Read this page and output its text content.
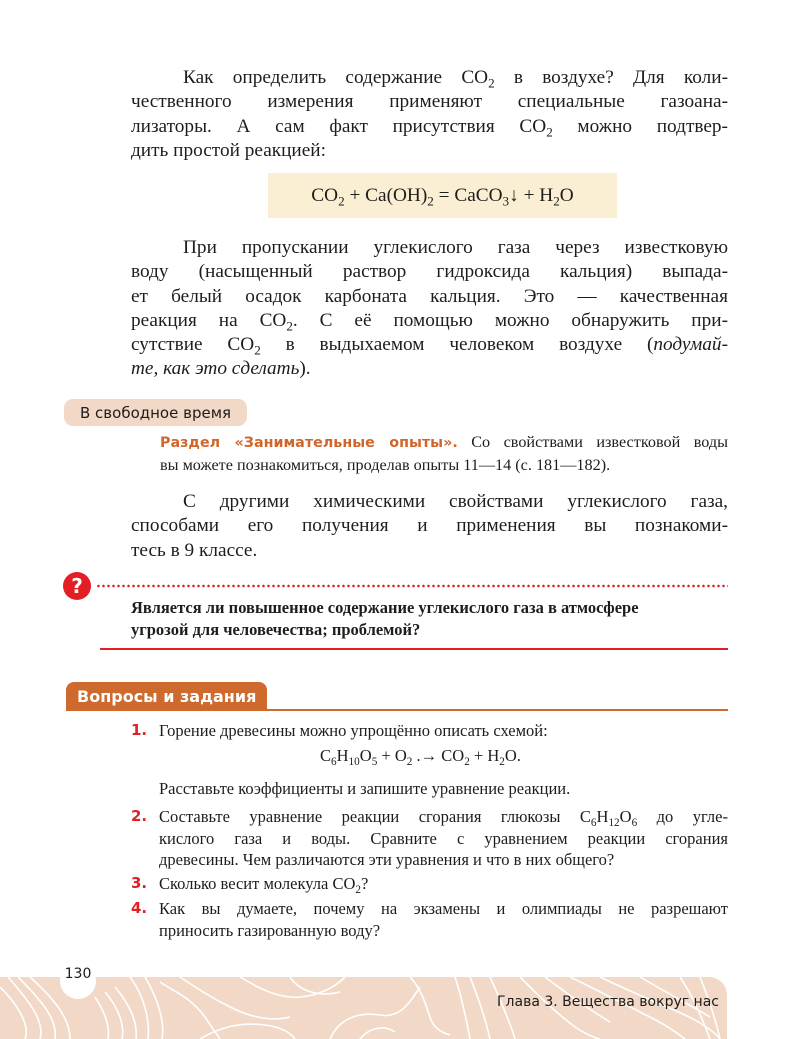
Как определить содержание $CO_2$ в воздухе? Для коли-
чественного измерения применяют специальные газоана-
лизаторы. А сам факт присутствия $CO_2$ можно подтвер-
дить простой реакцией:
$CO_2 + Ca(OH)_2$ = CaCO$_3$↓ + $H_2O$
При пропускании углекислого газа через известковую
воду (насыщенный раствор гидроксида кальция) выпада-
ет белый осадок карбоната кальция. Это — качественная
реакция на $CO_2$. С её помощью можно обнаружить при-
сутствие $CO_2$ в выдыхаемом человеком воздухе (подумай-
те, как это сделать).
В свободное время
Раздел «Занимательные опыты». Со свойствами известковой воды
вы можете познакомиться, проделав опыты 11—14 (с. 181—182).
С другими химическими свойствами углекислого газа,
способами его получения и применения вы познакоми-
тесь в 9 классе.
?
Является ли повышенное содержание углекислого газа в атмосфере
угрозой для человечества; проблемой?
Вопросы и задания
1. Горение древесины можно упрощённо описать схемой:
$C_6H_{10}O_5 + O_2$ .→ $CO_2 + H_2O$.
Расставьте коэффициенты и запишите уравнение реакции.
2. Составьте уравнение реакции сгорания глюкозы $C_6H_{12}O_6$ до угле-
кислого газа и воды. Сравните с уравнением реакции сгорания
древесины. Чем различаются эти уравнения и что в них общего?
3. Сколько весит молекула $CO_2$?
4. Как вы думаете, почему на экзамены и олимпиады не разрешают
приносить газированную воду?
130
Глава 3. Вещества вокруг нас
